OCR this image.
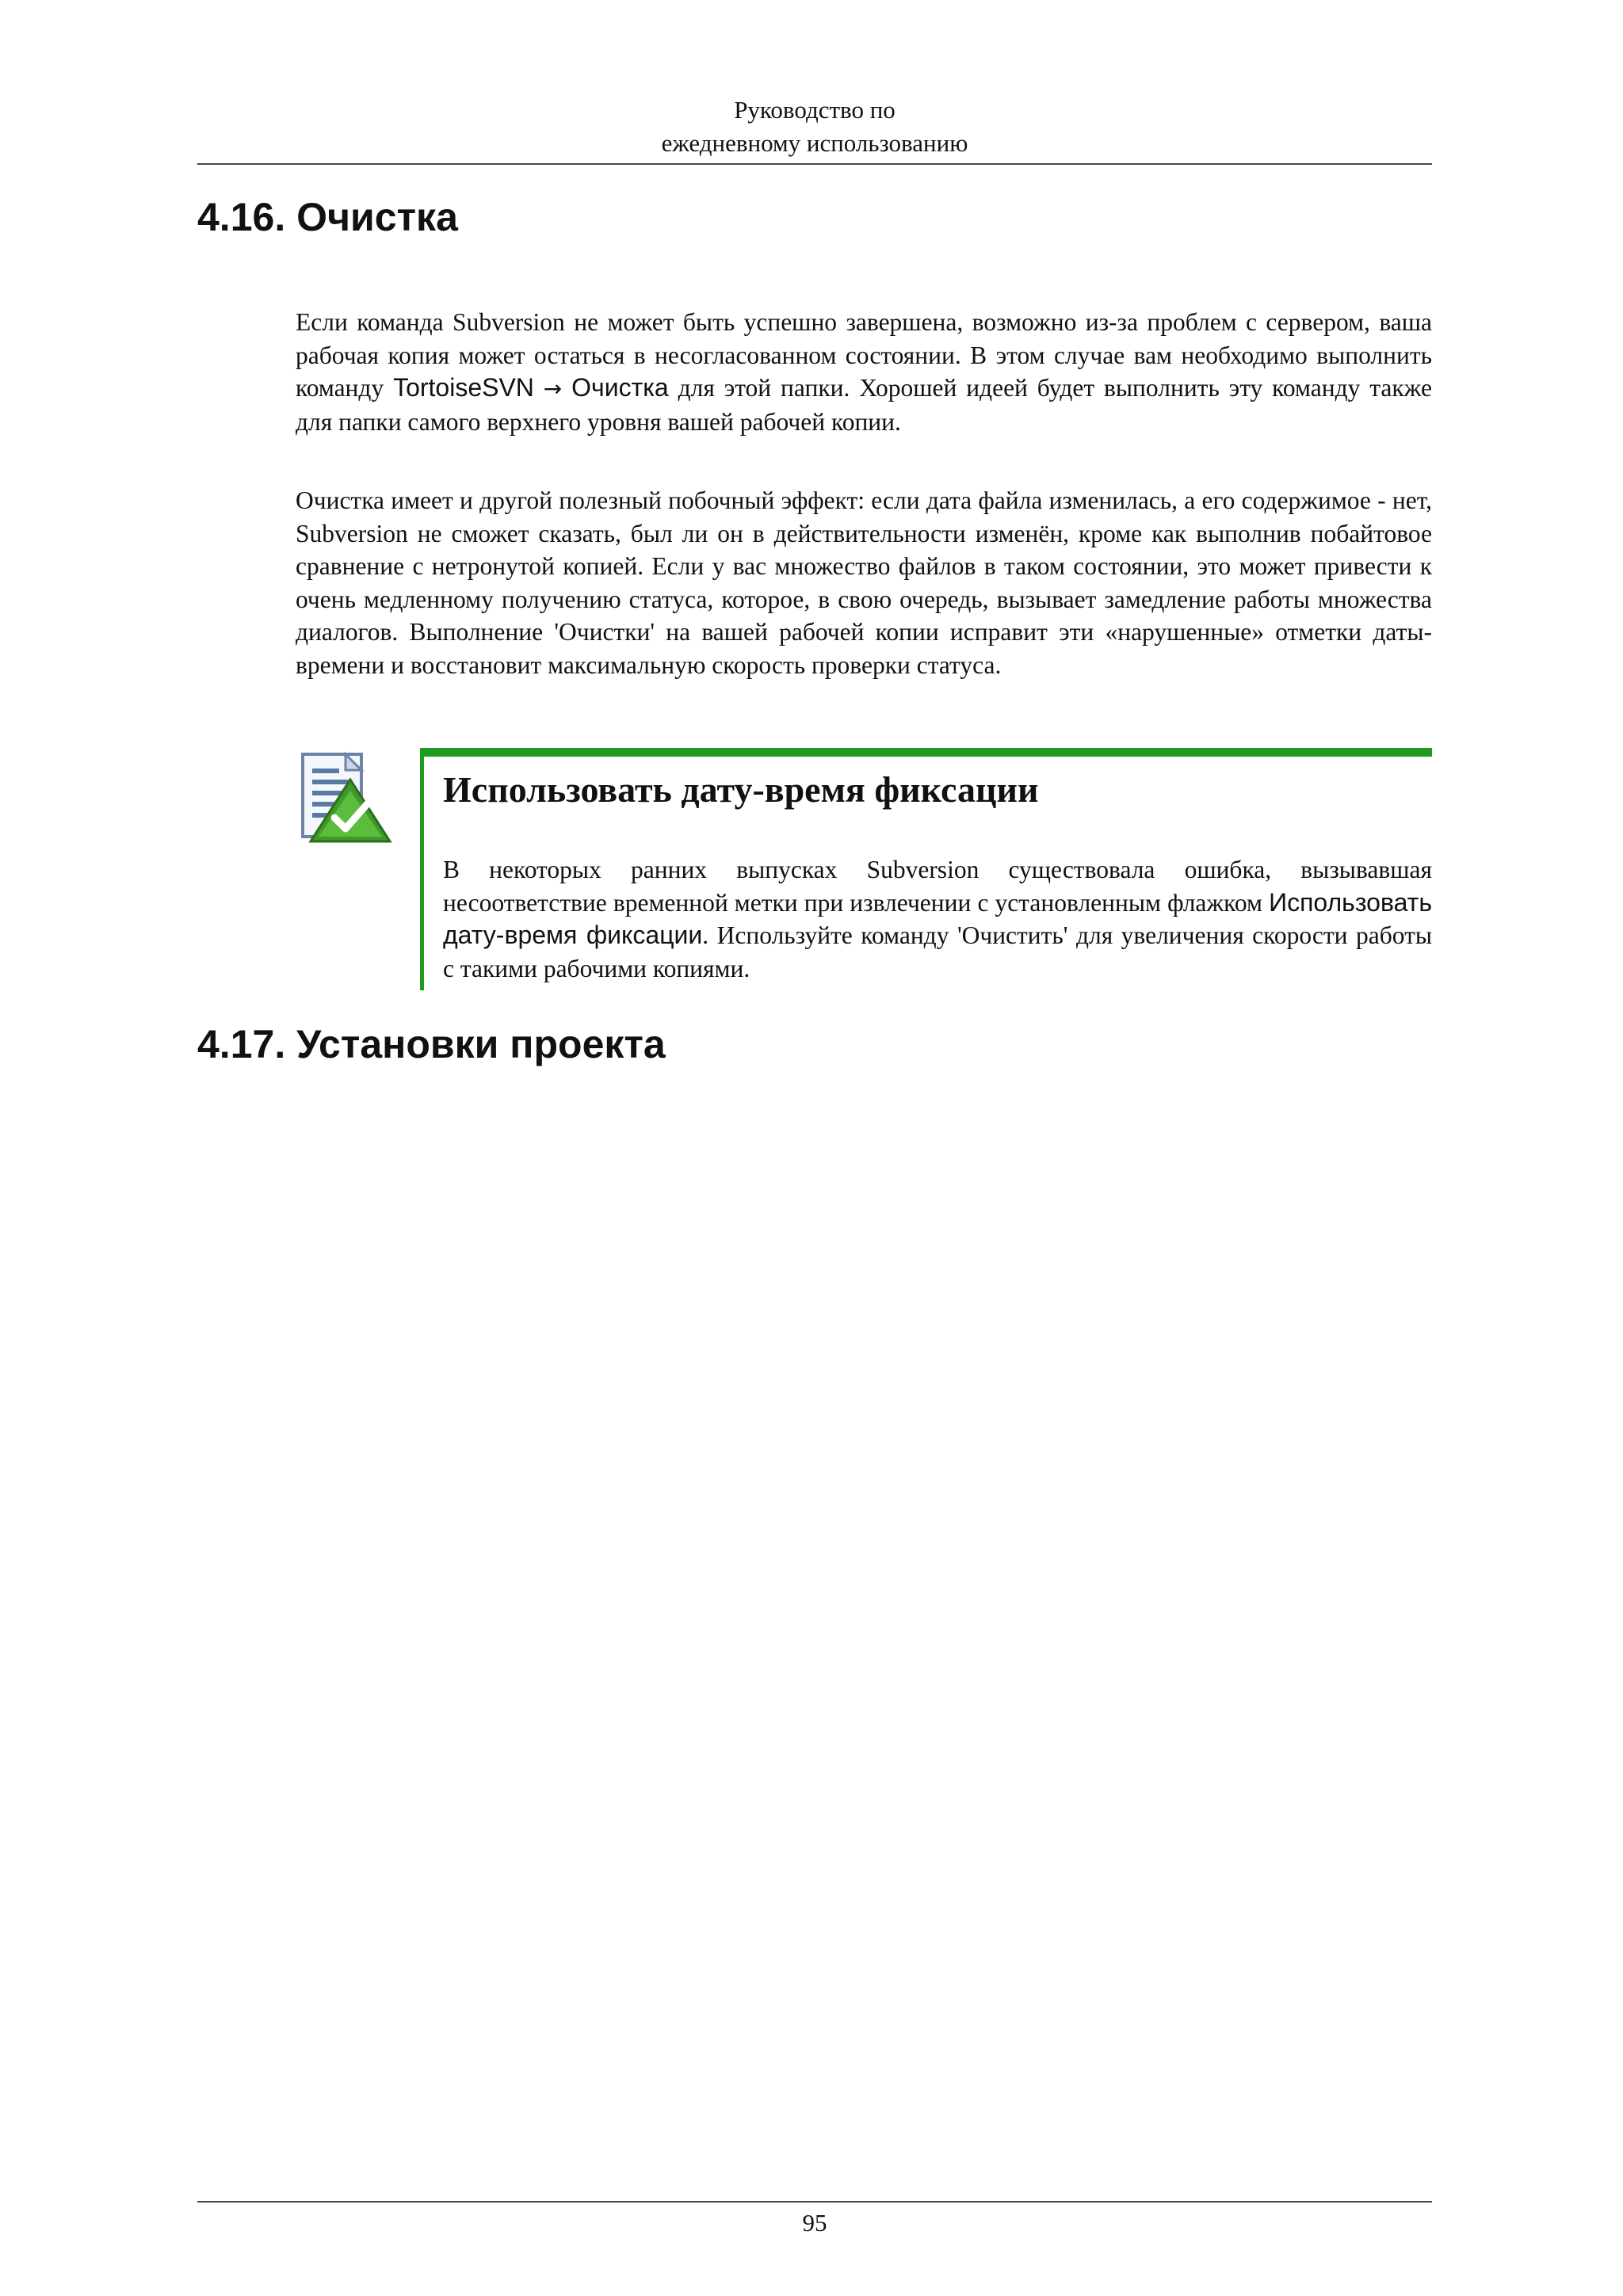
Руководство по
ежедневному использованию
4.16. Очистка

Если команда Subversion не может быть успешно завершена, возможно из-за проблем с сервером, ваша рабочая копия может остаться в несогласованном состоянии. В этом случае вам необходимо выполнить команду TortoiseSVN → Очистка для этой папки. Хорошей идеей будет выполнить эту команду также для папки самого верхнего уровня вашей рабочей копии.

Очистка имеет и другой полезный побочный эффект: если дата файла изменилась, а его содержимое - нет, Subversion не сможет сказать, был ли он в действительности изменён, кроме как выполнив побайтовое сравнение с нетронутой копией. Если у вас множество файлов в таком состоянии, это может привести к очень медленному получению статуса, которое, в свою очередь, вызывает замедление работы множества диалогов. Выполнение 'Очистки' на вашей рабочей копии исправит эти «нарушенные» отметки даты-времени и восстановит максимальную скорость проверки статуса.

Использовать дату-время фиксации

В некоторых ранних выпусках Subversion существовала ошибка, вызывавшая несоответствие временной метки при извлечении с установленным флажком Использовать дату-время фиксации. Используйте команду 'Очистить' для увеличения скорости работы с такими рабочими копиями.

4.17. Установки проекта
95
